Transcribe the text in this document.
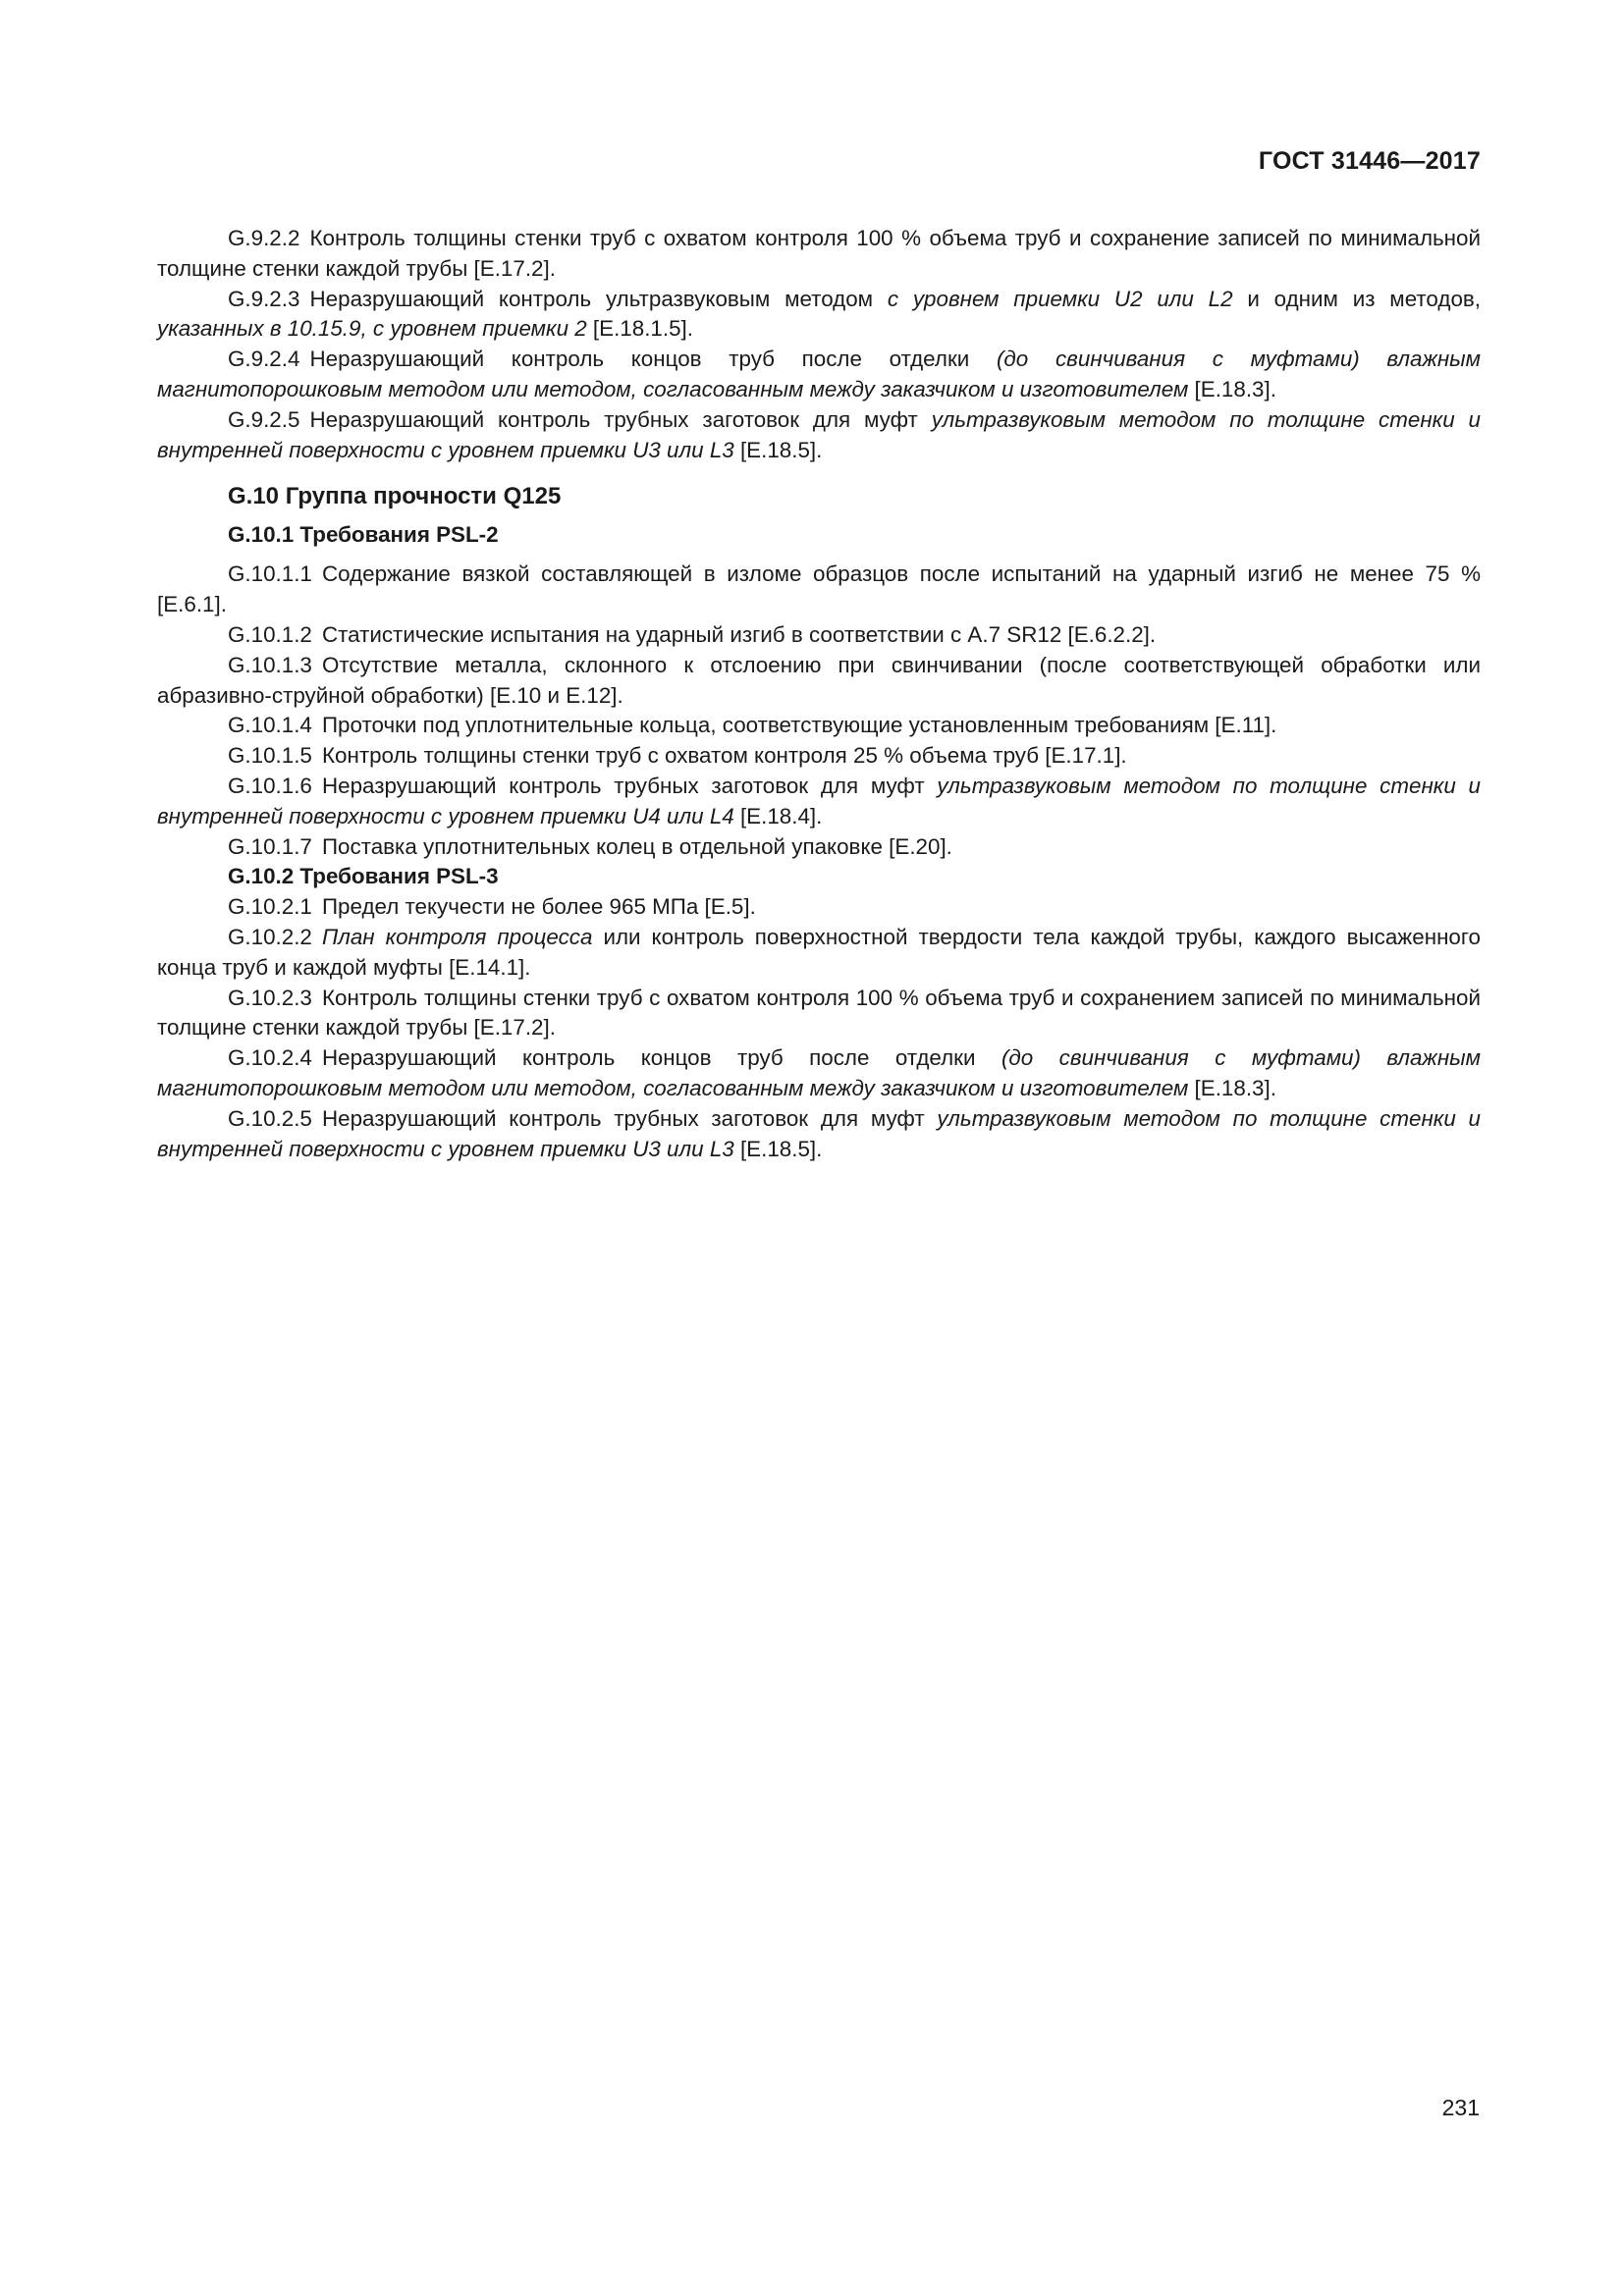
ГОСТ 31446—2017

G.9.2.2 Контроль толщины стенки труб с охватом контроля 100 % объема труб и сохранение записей по минимальной толщине стенки каждой трубы [Е.17.2].

G.9.2.3 Неразрушающий контроль ультразвуковым методом с уровнем приемки U2 или L2 и одним из методов, указанных в 10.15.9, с уровнем приемки 2 [Е.18.1.5].

G.9.2.4 Неразрушающий контроль концов труб после отделки (до свинчивания с муфтами) влажным магнитопорошковым методом или методом, согласованным между заказчиком и изготовителем [Е.18.3].

G.9.2.5 Неразрушающий контроль трубных заготовок для муфт ультразвуковым методом по толщине стенки и внутренней поверхности с уровнем приемки U3 или L3 [Е.18.5].

G.10 Группа прочности Q125
G.10.1 Требования PSL-2

G.10.1.1 Содержание вязкой составляющей в изломе образцов после испытаний на ударный изгиб не менее 75 % [Е.6.1].

G.10.1.2 Статистические испытания на ударный изгиб в соответствии с А.7 SR12 [Е.6.2.2].

G.10.1.3 Отсутствие металла, склонного к отслоению при свинчивании (после соответствующей обработки или абразивно-струйной обработки) [Е.10 и Е.12].

G.10.1.4 Проточки под уплотнительные кольца, соответствующие установленным требованиям [Е.11].

G.10.1.5 Контроль толщины стенки труб с охватом контроля 25 % объема труб [Е.17.1].

G.10.1.6 Неразрушающий контроль трубных заготовок для муфт ультразвуковым методом по толщине стенки и внутренней поверхности с уровнем приемки U4 или L4 [Е.18.4].

G.10.1.7 Поставка уплотнительных колец в отдельной упаковке [Е.20].

G.10.2 Требования PSL-3

G.10.2.1 Предел текучести не более 965 МПа [Е.5].

G.10.2.2 План контроля процесса или контроль поверхностной твердости тела каждой трубы, каждого высаженного конца труб и каждой муфты [Е.14.1].

G.10.2.3 Контроль толщины стенки труб с охватом контроля 100 % объема труб и сохранением записей по минимальной толщине стенки каждой трубы [Е.17.2].

G.10.2.4 Неразрушающий контроль концов труб после отделки (до свинчивания с муфтами) влажным магнитопорошковым методом или методом, согласованным между заказчиком и изготовителем [Е.18.3].

G.10.2.5 Неразрушающий контроль трубных заготовок для муфт ультразвуковым методом по толщине стенки и внутренней поверхности с уровнем приемки U3 или L3 [Е.18.5].

231
